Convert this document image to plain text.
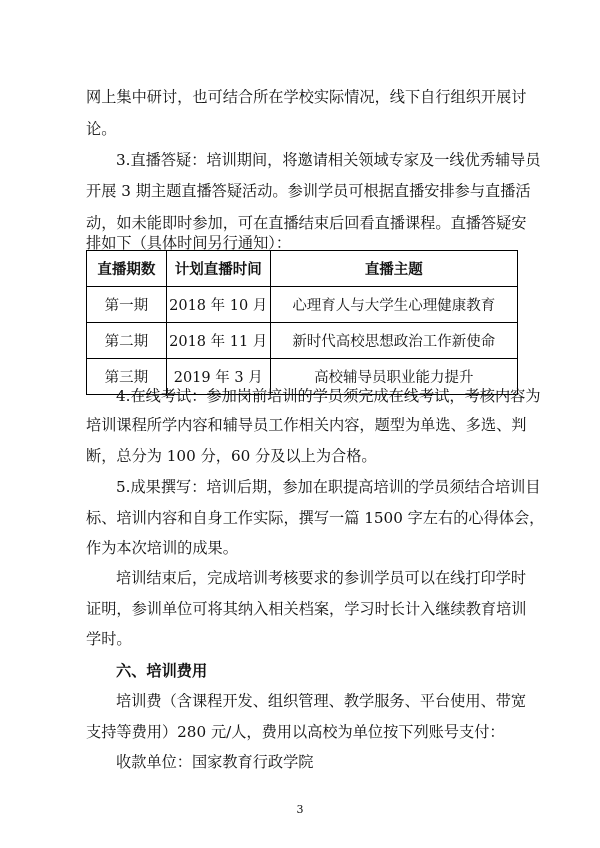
网上集中研讨，也可结合所在学校实际情况，线下自行组织开展讨
论。
3.直播答疑：培训期间，将邀请相关领域专家及一线优秀辅导员
开展 3 期主题直播答疑活动。参训学员可根据直播安排参与直播活
动，如未能即时参加，可在直播结束后回看直播课程。直播答疑安
排如下（具体时间另行通知）：
直播期数	计划直播时间	直播主题
第一期	2018 年 10 月	心理育人与大学生心理健康教育
第二期	2018 年 11 月	新时代高校思想政治工作新使命
第三期	2019 年 3 月	高校辅导员职业能力提升
4.在线考试：参加岗前培训的学员须完成在线考试，考核内容为
培训课程所学内容和辅导员工作相关内容，题型为单选、多选、判
断，总分为 100 分，60 分及以上为合格。
5.成果撰写：培训后期，参加在职提高培训的学员须结合培训目
标、培训内容和自身工作实际，撰写一篇 1500 字左右的心得体会，
作为本次培训的成果。
培训结束后，完成培训考核要求的参训学员可以在线打印学时
证明，参训单位可将其纳入相关档案，学习时长计入继续教育培训
学时。
六、培训费用
培训费（含课程开发、组织管理、教学服务、平台使用、带宽
支持等费用）280 元/人，费用以高校为单位按下列账号支付：
收款单位：国家教育行政学院
3
